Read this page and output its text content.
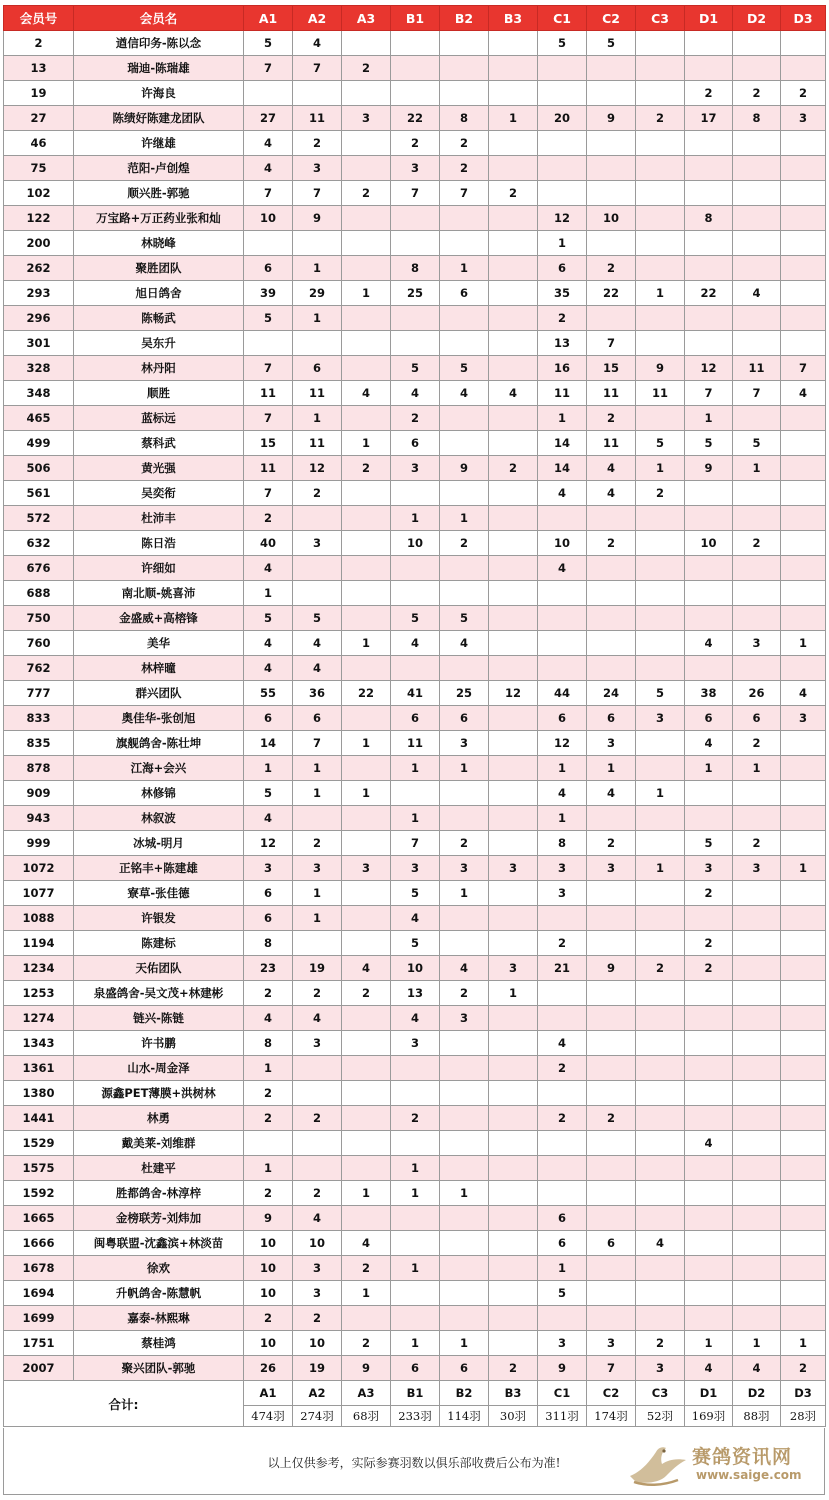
会员号	会员名	A1	A2	A3	B1	B2	B3	C1	C2	C3	D1	D2	D3
2	遒信印务-陈以念	5	4					5	5				
13	瑞迪-陈瑞雄	7	7	2									
19	许海良										2	2	2
27	陈绩好陈建龙团队	27	11	3	22	8	1	20	9	2	17	8	3
46	许继雄	4	2		2	2							
75	范阳-卢创煌	4	3		3	2							
102	顺兴胜-郭驰	7	7	2	7	7	2						
122	万宝路+万正药业张和灿	10	9					12	10		8		
200	林晓峰							1					
262	聚胜团队	6	1		8	1		6	2				
293	旭日鸽舍	39	29	1	25	6		35	22	1	22	4	
296	陈畅武	5	1					2					
301	吴东升							13	7				
328	林丹阳	7	6		5	5		16	15	9	12	11	7
348	顺胜	11	11	4	4	4	4	11	11	11	7	7	4
465	蓝标远	7	1		2			1	2		1		
499	蔡科武	15	11	1	6			14	11	5	5	5	
506	黄光强	11	12	2	3	9	2	14	4	1	9	1	
561	吴奕衔	7	2					4	4	2			
572	杜沛丰	2			1	1							
632	陈日浩	40	3		10	2		10	2		10	2	
676	许细如	4						4					
688	南北顺-姚喜沛	1											
750	金盛威+高榕锋	5	5		5	5							
760	美华	4	4	1	4	4					4	3	1
762	林梓曈	4	4										
777	群兴团队	55	36	22	41	25	12	44	24	5	38	26	4
833	奥佳华-张创旭	6	6		6	6		6	6	3	6	6	3
835	旗舰鸽舍-陈壮坤	14	7	1	11	3		12	3		4	2	
878	江海+会兴	1	1		1	1		1	1		1	1	
909	林修锦	5	1	1				4	4	1			
943	林叙波	4			1			1					
999	冰城-明月	12	2		7	2		8	2		5	2	
1072	正铭丰+陈建雄	3	3	3	3	3	3	3	3	1	3	3	1
1077	寮草-张佳德	6	1		5	1		3			2		
1088	许银发	6	1		4								
1194	陈建标	8			5			2			2		
1234	天佑团队	23	19	4	10	4	3	21	9	2	2		
1253	泉盛鸽舍-吴文茂+林建彬	2	2	2	13	2	1						
1274	链兴-陈链	4	4		4	3							
1343	许书鹏	8	3		3			4					
1361	山水-周金泽	1						2					
1380	源鑫PET薄膜+洪树林	2											
1441	林勇	2	2		2			2	2				
1529	戴美莱-刘维群										4		
1575	杜建平	1			1								
1592	胜都鸽舍-林淳梓	2	2	1	1	1							
1665	金榜联芳-刘炜加	9	4					6					
1666	闽粤联盟-沈鑫滨+林淡苗	10	10	4				6	6	4			
1678	徐欢	10	3	2	1			1					
1694	升帆鸽舍-陈慧帆	10	3	1				5					
1699	嘉泰-林熙琳	2	2										
1751	蔡桂鸿	10	10	2	1	1		3	3	2	1	1	1
2007	聚兴团队-郭驰	26	19	9	6	6	2	9	7	3	4	4	2
合计:		A1	A2	A3	B1	B2	B3	C1	C2	C3	D1	D2	D3
		474羽	274羽	68羽	233羽	114羽	30羽	311羽	174羽	52羽	169羽	88羽	28羽
以上仅供参考，实际参赛羽数以俱乐部收费后公布为准!	赛鸽资讯网
www.saige.com
